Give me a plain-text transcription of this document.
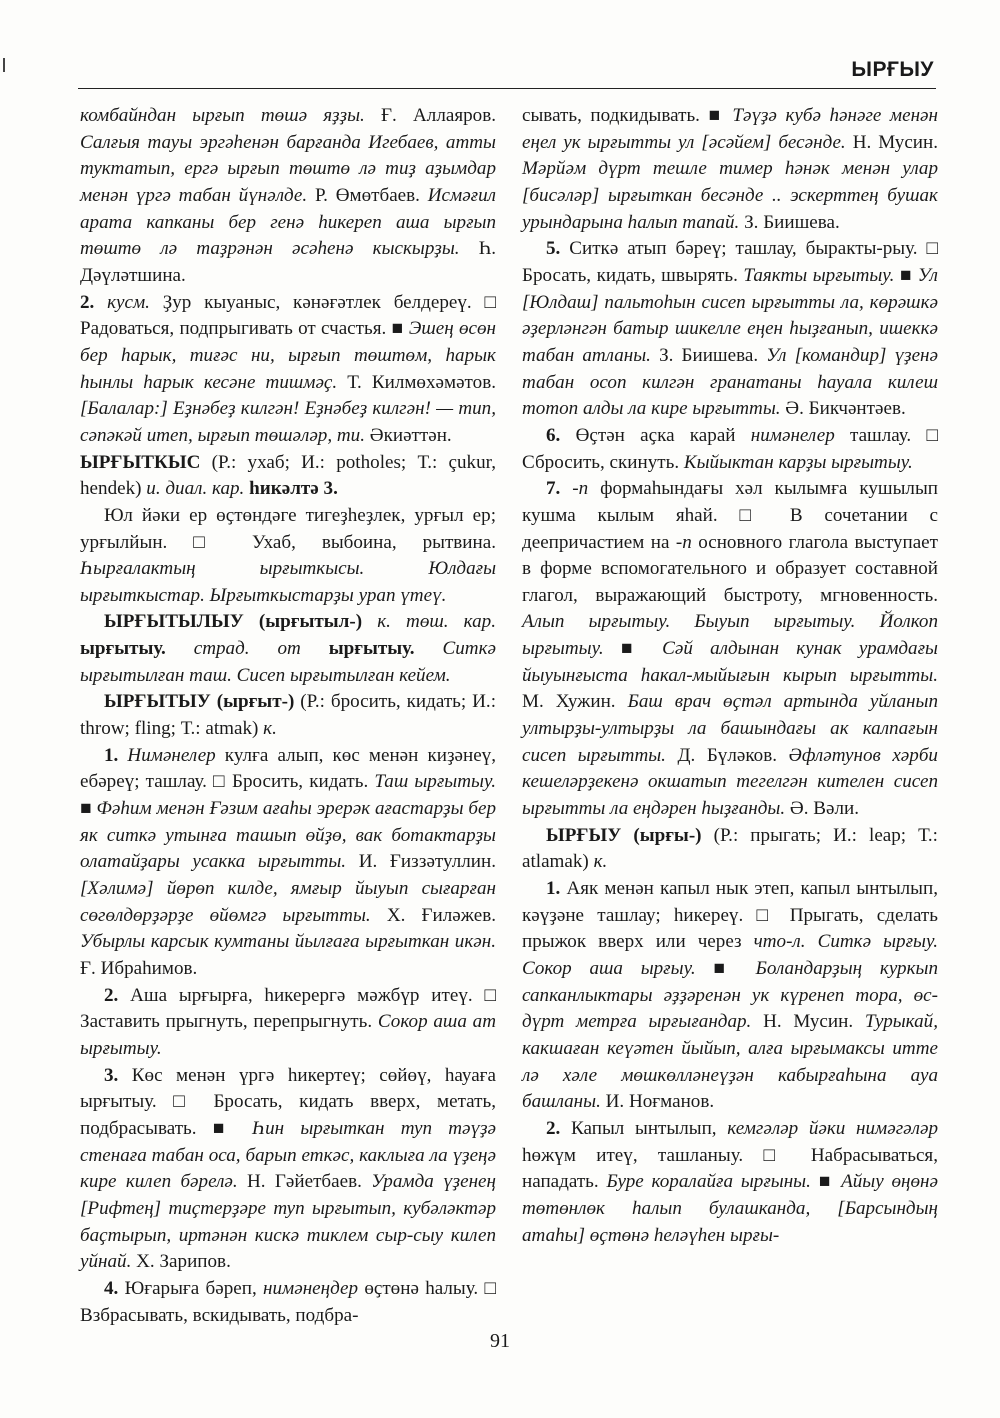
ЫРҒЫУ

комбайндан ырғып төшә яҙҙы. Ғ. Аллаяров. Салғыя тауы эргәһенән барғанда Игебаев, атты туктатып, ергә ырғып төштө лә тиҙ аҙымдар менән үргә табан йүнәлде. Р. Өмөтбаев. Исмәғил арата капканы бер генә һикереп аша ырғып төштө лә таҙрәнән әсәһенә кыскырҙы. Һ. Дәүләтшина.

2. кусм. Ҙур кыуаныс, кәнәғәтлек белдереү. □ Радоваться, подпрыгивать от счастья. ■ Эшең өсөн бер һарык, тиғәс ни, ырғып төштөм, һарык һынлы һарык кесәне тишмәҫ. Т. Килмөхәмәтов. [Балалар:] Еҙнәбеҙ килгән! Еҙнәбеҙ килгән! — тип, сәпәкәй итеп, ырғып төшәләр, ти. Әкиәттән.

ЫРҒЫТКЫС (Р.: ухаб; И.: potholes; Т.: çukur, hendek) и. диал. кар. һикәлтә 3.

Юл йәки ер өҫтөндәге тигеҙһеҙлек, урғыл ер; урғылйын. □ Ухаб, выбоина, рытвина. Һырғалактың ырғыткысы. Юлдағы ырғыткыстар. Ырғыткыстарҙы урап үтеү.

ЫРҒЫТЫЛЫУ (ырғытыл-) к. төш. кар. ырғытыу. страд. от ырғытыу. Ситкә ырғытылған таш. Сисеп ырғытылған кейем.

ЫРҒЫТЫУ (ырғыт-) (Р.: бросить, кидать; И.: throw; fling; Т.: atmak) к.

1. Нимәнелер кулға алып, көс менән киҙәнеү, ебәреү; ташлау. □ Бросить, кидать. Таш ырғытыу. ■ Фәһим менән Ғәзим ағаһы эрерәк ағастарҙы бер як ситкә утынға ташып өйҙө, вак ботактарҙы олатайҙары усакка ырғытты. И. Ғиззәтуллин. [Хәлимә] йөрөп килде, ямғыр йыуып сығарған сөгөлдөрҙәрҙе өйөмгә ырғытты. Х. Ғиләжев. Убырлы карсык кумтаны йылғаға ырғыткан икән. Ғ. Ибраһимов.

2. Аша ырғырға, һикерергә мәжбүр итеү. □ Заставить прыгнуть, перепрыгнуть. Сокор аша ат ырғытыу.

3. Көс менән үргә һикертеү; сөйөү, һауаға ырғытыу. □ Бросать, кидать вверх, метать, подбрасывать. ■ Һин ырғыткан туп тәүҙә стенаға табан оса, барып еткәс, каклыға ла үҙеңә кире килеп бәрелә. Н. Гәйетбаев. Урамда үҙенең [Рифтең] тиҫтерҙәре туп ырғытып, кубәләктәр баҫтырып, иртәнән кискә тиклем сыр-сыу килеп уйнай. Х. Зарипов.

4. Юғарыға бәреп, нимәнеңдер өҫтөнә һалыу. □ Взбрасывать, вскидывать, подбра-

сывать, подкидывать. ■ Тәүҙә кубә һәнәге менән еңел ук ырғытты ул [әсәйем] бесәнде. Н. Мусин. Мәрйәм дүрт тешле тимер һәнәк менән улар [бисәләр] ырғыткан бесәнде .. эскерттең бушак урындарына һалып тапай. З. Биишева.

5. Ситкә атып бәреү; ташлау, быракты-рыу. □ Бросать, кидать, швырять. Таякты ырғытыу. ■ Ул [Юлдаш] пальтоһын сисеп ырғытты ла, көрәшкә әҙерләнгән батыр шикелле еңен һыҙғанып, ишеккә табан атланы. З. Биишева. Ул [командир] үҙенә табан осоп килгән гранатаны һауала килеш тотоп алды ла кире ырғытты. Ә. Бикчәнтәев.

6. Өҫтән аҫка карай нимәнелер ташлау. □ Сбросить, скинуть. Кыйыктан карҙы ырғытыу.

7. -п формаһындағы хәл кылымға кушылып кушма кылым яһай. □ В сочетании с деепричастием на -п основного глагола выступает в форме вспомогательного и образует составной глагол, выражающий быстроту, мгновенность. Алып ырғытыу. Быуып ырғытыу. Йолкоп ырғытыу. ■ Сәй алдынан кунак урамдағы йыуынғыста һакал-мыйығын кырып ырғытты. М. Хужин. Баш врач өҫтәл артында уйланып ултырҙы-ултырҙы ла башындағы ак калпағын сисеп ырғытты. Д. Бүләков. Әфләтунов хәрби кешеләрҙекенә окшатып тегелгән кителен сисеп ырғытты ла еңдәрен һыҙғанды. Ә. Вәли.

ЫРҒЫУ (ырғы-) (Р.: прыгать; И.: leap; Т.: atlamak) к.

1. Аяк менән капыл нык этеп, капыл ынтылып, кәүҙәне ташлау; һикереү. □ Прыгать, сделать прыжок вверх или через что-л. Ситкә ырғыу. Сокор аша ырғыу. ■ Боландарҙың куркып сапканлыктары әҙҙәренән ук күренеп тора, өс-дүрт метрға ырғығандар. Н. Мусин. Турыкай, какшаған кеүәтен йыйып, алға ырғымаксы итте лә хәле мөшкөлләнеүҙән кабырғаһына ауа башланы. И. Ноғманов.

2. Капыл ынтылып, кемгәләр йәки нимәгәләр һөжүм итеү, ташланыу. □ Набрасываться, нападать. Буре коралайға ырғыны. ■ Айыу өңөнә төтөнлөк һалып булашканда, [Барсындың атаһы] өҫтөнә һеләүһен ырғы-

91
